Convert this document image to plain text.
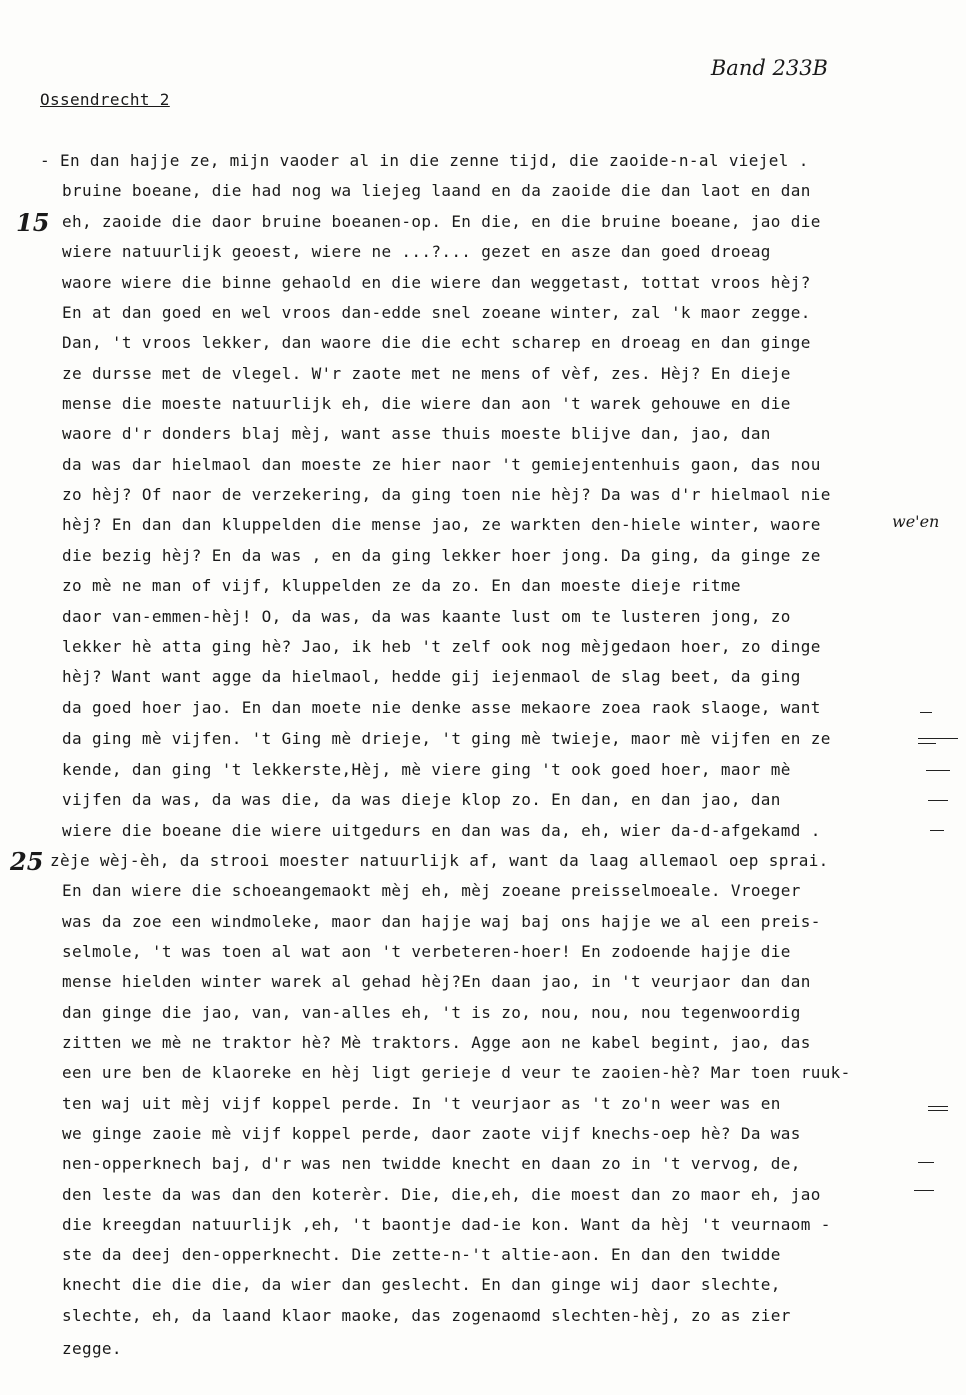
Ossendrecht 2
Band 233B
15
25
we'en
- En dan hajje ze, mijn vaoder al in die zenne tijd, die zaoide-n-al viejel .
bruine boeane, die had nog wa liejeg laand en da zaoide die dan laot en dan
eh, zaoide die daor bruine boeanen-op. En die, en die bruine boeane, jao die
wiere natuurlijk geoest, wiere ne ...?... gezet en asze dan goed droeag
waore wiere die binne gehaold en die wiere dan weggetast, tottat vroos hèj?
En at dan goed en wel vroos dan-edde snel zoeane winter, zal 'k maor zegge.
Dan, 't vroos lekker, dan waore die die echt scharep en droeag en dan ginge
ze durssе met de vlegel. W'r zaote met ne mens of vèf, zes. Hèj? En dieje
mense die moeste natuurlijk eh, die wiere dan aon 't warek gehouwe en die
waore d'r donders blaj mèj, want asse thuis moeste blijve dan, jao, dan
da was dar hielmaol dan moeste ze hier naor 't gemiejentenhuis gaon, das nou
zo hèj? Of naor de verzekering, da ging toen nie hèj? Da was d'r hielmaol nie
hèj? En dan dan kluppelden die mense jao, ze warkten den-hiele winter, waore
die bezig hèj? En da was , en da ging lekker hoer jong. Da ging, da ginge ze
zo mè ne man of vijf, kluppelden ze da zo. En dan moeste dieje ritme
daor van-emmen-hèj! O, da was, da was kaante lust om te lusteren jong, zo
lekker hè atta ging hè? Jao, ik heb 't zelf ook nog mèjgedaon hoer, zo dinge
hèj? Want want agge da hielmaol, hedde gij iejenmaol de slag beet, da ging
da goed hoer jao. En dan moete nie denke asse mekaore zoea raok slaoge, want
da ging mè vijfen. 't Ging mè drieje, 't ging mè twieje, maor mè vijfen en ze
kende, dan ging 't lekkerste,Hèj, mè viere ging 't ook goed hoer, maor mè
vijfen da was, da was die, da was dieje klop zo. En dan, en dan jao, dan
wiere die boeane die wiere uitgedurs en dan was da, eh, wier da-d-afgekamd .
zèje wèj-èh, da strooi moester natuurlijk af, want da laag allemaol oep sprai.
En dan wiere die schoeangemaokt mèj eh, mèj zoeane preisselmoeale. Vroeger
was da zoe een windmoleke, maor dan hajje waj baj ons hajje we al een preis-
selmole, 't was toen al wat aon 't verbeteren-hoer! En zodoende hajje die
mense hielden winter warek al gehad hèj?En daan jao, in 't veurjaor dan dan
dan ginge die jao, van, van-alles eh, 't is zo, nou, nou, nou tegenwoordig
zitten we mè ne traktor hè? Mè traktors. Agge aon ne kabel begint, jao, das
een ure ben de klaoreke en hèj ligt gerieje d veur te zaoien-hè? Mar toen ruuk-
ten waj uit mèj vijf koppel perde. In 't veurjaor as 't zo'n weer was en
we ginge zaoie mè vijf koppel perde, daor zaote vijf knechs-oep hè? Da was
nen-opperknech baj, d'r was nen twidde knecht en daan zo in 't vervog, de,
den leste da was dan den koterèr. Die, die,eh, die moest dan zo maor eh, jao
die kreegdan natuurlijk ,eh, 't baontje dad-ie kon. Want da hèj 't veurnaom -
ste da deej den-opperknecht. Die zette-n-'t altie-aon. En dan den twidde
knecht die die die, da wier dan geslecht. En dan ginge wij daor slechte,
slechte, eh, da laand klaor maoke, das zogenaomd slechten-hèj, zo as zier
zegge.
